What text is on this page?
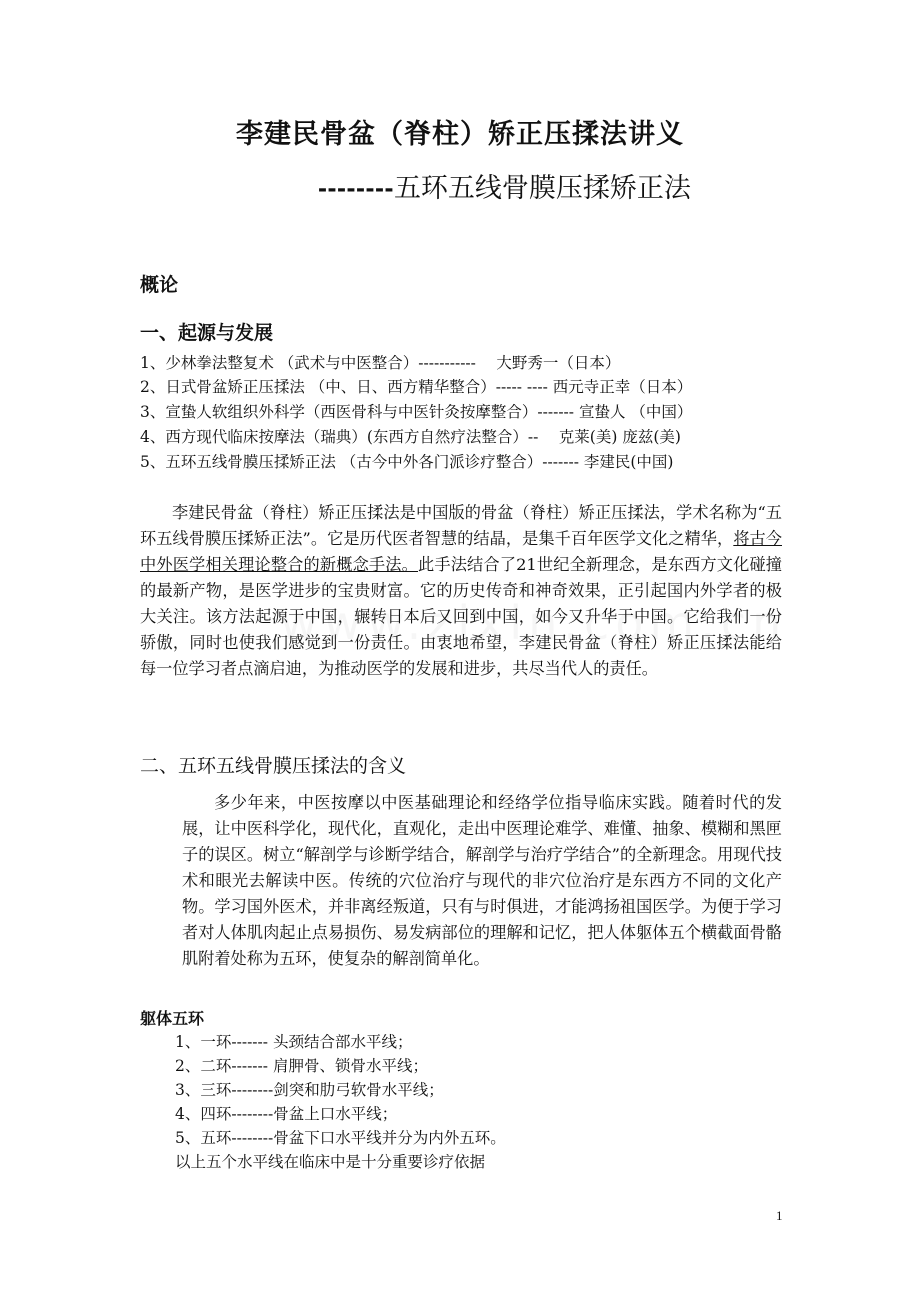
李建民骨盆（脊柱）矫正压揉法讲义
--------五环五线骨膜压揉矫正法
概论
一、起源与发展
1、少林拳法整复术 （武术与中医整合）-----------　 大野秀一（日本）
2、日式骨盆矫正压揉法 （中、日、西方精华整合）----- ---- 西元寺正幸（日本）
3、宣蛰人软组织外科学（西医骨科与中医针灸按摩整合）------- 宣蛰人 （中国）
4、西方现代临床按摩法（瑞典）(东西方自然疗法整合）-- 　克莱(美) 庞兹(美)
5、五环五线骨膜压揉矫正法 （古今中外各门派诊疗整合）------- 李建民(中国)
李建民骨盆（脊柱）矫正压揉法是中国版的骨盆（脊柱）矫正压揉法，学术名称为“五环五线骨膜压揉矫正法”。它是历代医者智慧的结晶，是集千百年医学文化之精华，将古今中外医学相关理论整合的新概念手法。此手法结合了21世纪全新理念，是东西方文化碰撞的最新产物，是医学进步的宝贵财富。它的历史传奇和神奇效果，正引起国内外学者的极大关注。该方法起源于中国，辗转日本后又回到中国，如今又升华于中国。它给我们一份骄傲，同时也使我们感觉到一份责任。由衷地希望，李建民骨盆（脊柱）矫正压揉法能给每一位学习者点滴启迪，为推动医学的发展和进步，共尽当代人的责任。
二、五环五线骨膜压揉法的含义
多少年来，中医按摩以中医基础理论和经络学位指导临床实践。随着时代的发展，让中医科学化，现代化，直观化，走出中医理论难学、难懂、抽象、模糊和黑匣子的误区。树立“解剖学与诊断学结合，解剖学与治疗学结合”的全新理念。用现代技术和眼光去解读中医。传统的穴位治疗与现代的非穴位治疗是东西方不同的文化产物。学习国外医术，并非离经叛道，只有与时俱进，才能鸿扬祖国医学。为便于学习者对人体肌肉起止点易损伤、易发病部位的理解和记忆，把人体躯体五个横截面骨骼肌附着处称为五环，使复杂的解剖简单化。
躯体五环
1、一环------- 头颈结合部水平线；
2、二环------- 肩胛骨、锁骨水平线；
3、三环--------剑突和肋弓软骨水平线；
4、四环--------骨盆上口水平线；
5、五环--------骨盆下口水平线并分为内外五环。
以上五个水平线在临床中是十分重要诊疗依据
1
